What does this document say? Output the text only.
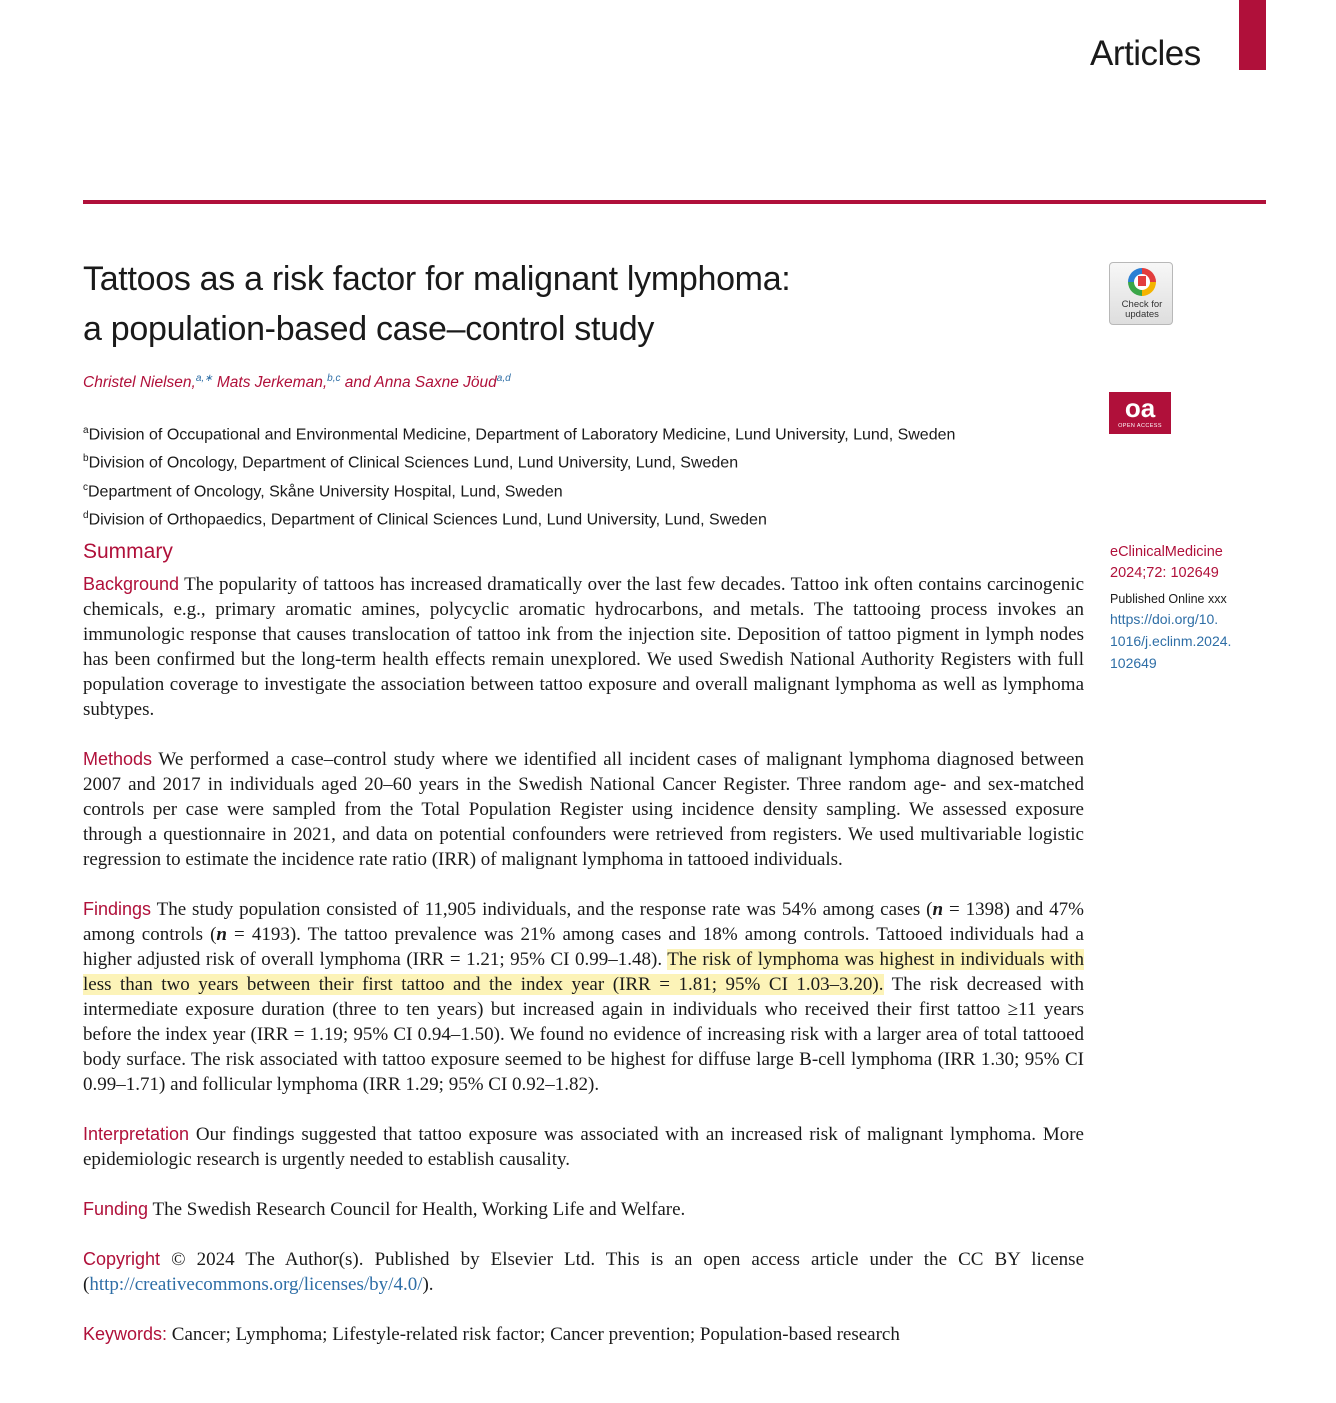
Articles
Tattoos as a risk factor for malignant lymphoma:
a population-based case–control study
Christel Nielsen,$^{a,∗}$ Mats Jerkeman,$^{b,c}$ and Anna Saxne Jöud$^{a,d}$
$^a$Division of Occupational and Environmental Medicine, Department of Laboratory Medicine, Lund University, Lund, Sweden
$^b$Division of Oncology, Department of Clinical Sciences Lund, Lund University, Lund, Sweden
$^c$Department of Oncology, Skåne University Hospital, Lund, Sweden
$^d$Division of Orthopaedics, Department of Clinical Sciences Lund, Lund University, Lund, Sweden
Check for
updates
oa
OPEN ACCESS
eClinicalMedicine
2024;72: 102649
Published Online xxx
https://doi.org/10.
1016/j.eclinm.2024.
102649
Summary

Background The popularity of tattoos has increased dramatically over the last few decades. Tattoo ink often contains carcinogenic chemicals, e.g., primary aromatic amines, polycyclic aromatic hydrocarbons, and metals. The tattooing process invokes an immunologic response that causes translocation of tattoo ink from the injection site. Deposition of tattoo pigment in lymph nodes has been confirmed but the long-term health effects remain unexplored. We used Swedish National Authority Registers with full population coverage to investigate the association between tattoo exposure and overall malignant lymphoma as well as lymphoma subtypes.

Methods We performed a case–control study where we identified all incident cases of malignant lymphoma diagnosed between 2007 and 2017 in individuals aged 20–60 years in the Swedish National Cancer Register. Three random age- and sex-matched controls per case were sampled from the Total Population Register using incidence density sampling. We assessed exposure through a questionnaire in 2021, and data on potential confounders were retrieved from registers. We used multivariable logistic regression to estimate the incidence rate ratio (IRR) of malignant lymphoma in tattooed individuals.

Findings The study population consisted of 11,905 individuals, and the response rate was 54% among cases (n = 1398) and 47% among controls (n = 4193). The tattoo prevalence was 21% among cases and 18% among controls. Tattooed individuals had a higher adjusted risk of overall lymphoma (IRR = 1.21; 95% CI 0.99–1.48). The risk of lymphoma was highest in individuals with less than two years between their first tattoo and the index year (IRR = 1.81; 95% CI 1.03–3.20). The risk decreased with intermediate exposure duration (three to ten years) but increased again in individuals who received their first tattoo ≥11 years before the index year (IRR = 1.19; 95% CI 0.94–1.50). We found no evidence of increasing risk with a larger area of total tattooed body surface. The risk associated with tattoo exposure seemed to be highest for diffuse large B-cell lymphoma (IRR 1.30; 95% CI 0.99–1.71) and follicular lymphoma (IRR 1.29; 95% CI 0.92–1.82).

Interpretation Our findings suggested that tattoo exposure was associated with an increased risk of malignant lymphoma. More epidemiologic research is urgently needed to establish causality.

Funding The Swedish Research Council for Health, Working Life and Welfare.

Copyright © 2024 The Author(s). Published by Elsevier Ltd. This is an open access article under the CC BY license (http://creativecommons.org/licenses/by/4.0/).

Keywords: Cancer; Lymphoma; Lifestyle-related risk factor; Cancer prevention; Population-based research
